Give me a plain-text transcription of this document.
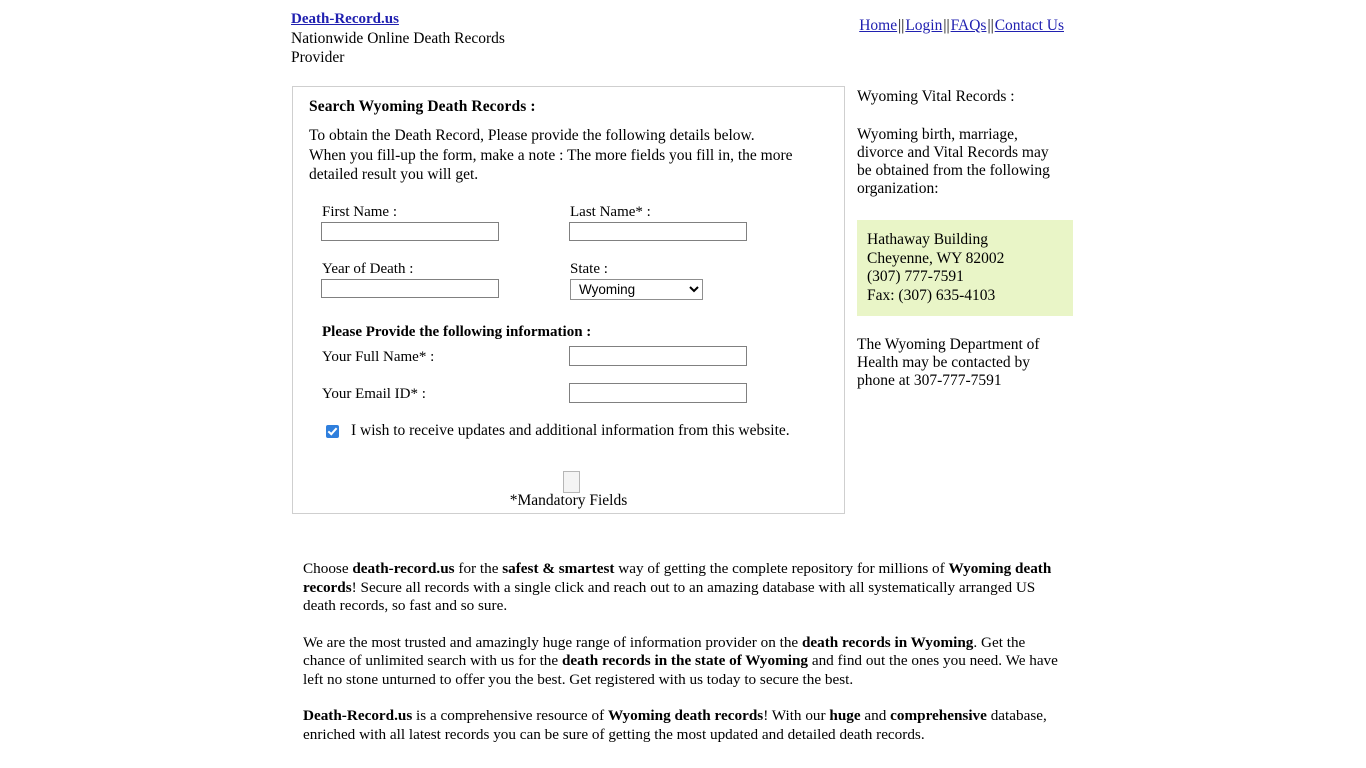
Death-Record.us
Nationwide Online Death Records Provider
Home||Login||FAQs||Contact Us
Search Wyoming Death Records :
To obtain the Death Record, Please provide the following details below.
When you fill-up the form, make a note : The more fields you fill in, the more detailed result you will get.
First Name :	Last Name* :
Year of Death :	State :
Wyoming
Please Provide the following information :
Your Full Name* :
Your Email ID* :
I wish to receive updates and additional information from this website.
*Mandatory Fields

Wyoming Vital Records :

Wyoming birth, marriage, divorce and Vital Records may be obtained from the following organization:

Hathaway Building
Cheyenne, WY 82002
(307) 777-7591
Fax: (307) 635-4103

The Wyoming Department of Health may be contacted by phone at 307-777-7591

Choose death-record.us for the safest & smartest way of getting the complete repository for millions of Wyoming death records! Secure all records with a single click and reach out to an amazing database with all systematically arranged US death records, so fast and so sure.

We are the most trusted and amazingly huge range of information provider on the death records in Wyoming. Get the chance of unlimited search with us for the death records in the state of Wyoming and find out the ones you need. We have left no stone unturned to offer you the best. Get registered with us today to secure the best.

Death-Record.us is a comprehensive resource of Wyoming death records! With our huge and comprehensive database, enriched with all latest records you can be sure of getting the most updated and detailed death records.
